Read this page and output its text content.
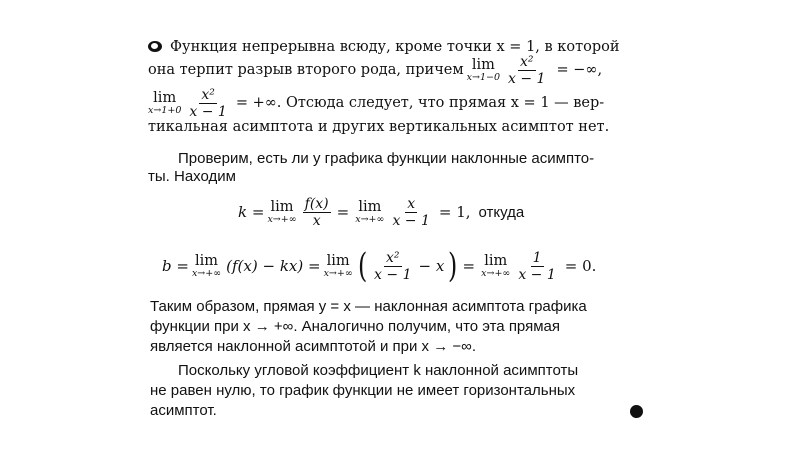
Функция непрерывна всюду, кроме точки x = 1, в которой
она терпит разрыв второго рода, причем lim
$x\to 1-0 \frac{\text{x²}}{x - 1}$ = −∞,
lim
$x\to 1+0 \frac{\text{x²}}{x - 1}$ = +∞. Отсюда следует, что прямая x = 1 — вер-
тикальная асимптота и других вертикальных асимптот нет.
Проверим, есть ли у графика функции наклонные асимпто-
ты. Находим
k = lim
$x\to+\infty \frac{f(x)}{x} = \lim$
$x\to+\infty \frac{x}{x - 1} = 1$, откуда
b = lim
x→+∞ (f(x) − kx) = lim
x→+∞ ( $\frac{\text{x²}}{x - 1} - x$ ) = lim
$x\to+\infty \frac{1}{x - 1} = 0$.
Таким образом, прямая y = x — наклонная асимптота графика
функции при x → +∞. Аналогично получим, что эта прямая
является наклонной асимптотой и при x → −∞.
Поскольку угловой коэффициент k наклонной асимптоты
не равен нулю, то график функции не имеет горизонтальных
асимптот.
